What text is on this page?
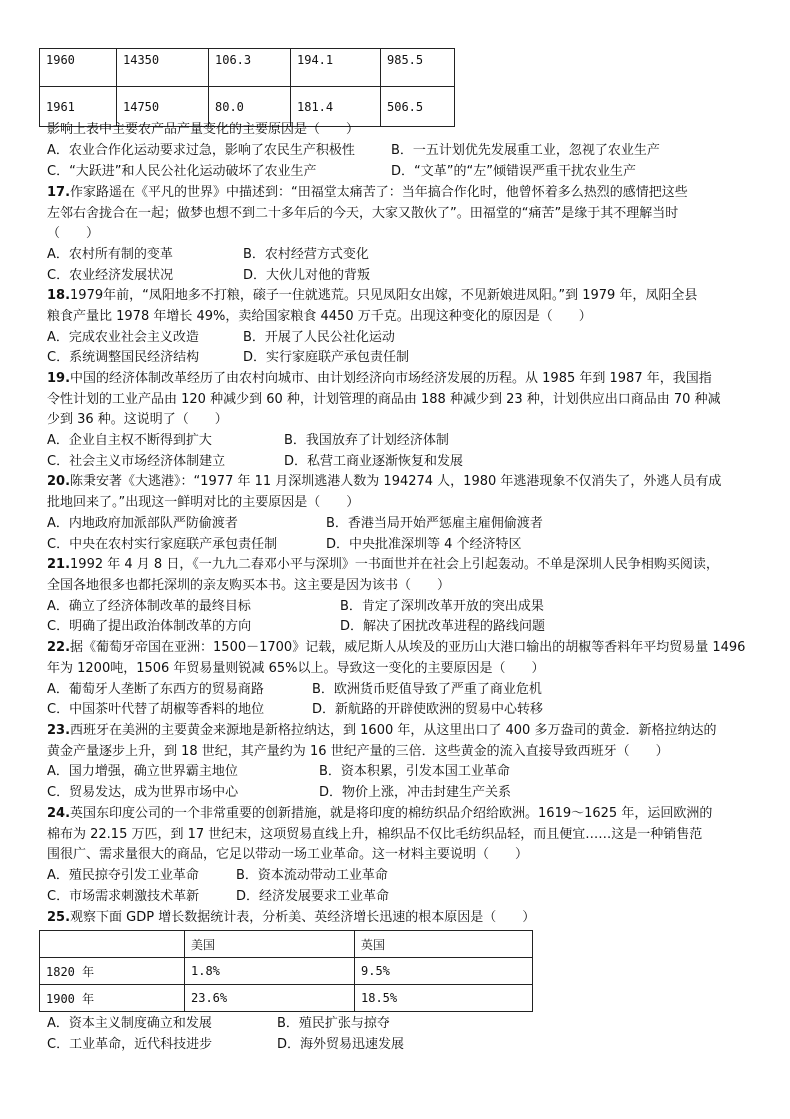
1960	14350	106.3	194.1	985.5
1961	14750	80.0	181.4	506.5
影响上表中主要农产品产量变化的主要原因是（　　）
A．农业合作化运动要求过急，影响了农民生产积极性	B．一五计划优先发展重工业，忽视了农业生产
C．“大跃进”和人民公社化运动破坏了农业生产	D．“文革”的“左”倾错误严重干扰农业生产
17.作家路遥在《平凡的世界》中描述到：“田福堂太痛苦了：当年搞合作化时，他曾怀着多么热烈的感情把这些
左邻右舍拢合在一起；做梦也想不到二十多年后的今天，大家又散伙了”。田福堂的“痛苦”是缘于其不理解当时
（　　）
A．农村所有制的变革	B．农村经营方式变化
C．农业经济发展状况	D．大伙儿对他的背叛
18.1979年前，“凤阳地多不打粮，磙子一住就逃荒。只见凤阳女出嫁，不见新娘进凤阳。”到 1979 年，凤阳全县
粮食产量比 1978 年增长 49%，卖给国家粮食 4450 万千克。出现这种变化的原因是（　　）
A．完成农业社会主义改造	B．开展了人民公社化运动
C．系统调整国民经济结构	D．实行家庭联产承包责任制
19.中国的经济体制改革经历了由农村向城市、由计划经济向市场经济发展的历程。从 1985 年到 1987 年，我国指
令性计划的工业产品由 120 种减少到 60 种，计划管理的商品由 188 种减少到 23 种，计划供应出口商品由 70 种减
少到 36 种。这说明了（　　）
A．企业自主权不断得到扩大	B．我国放弃了计划经济体制
C．社会主义市场经济体制建立	D．私营工商业逐渐恢复和发展
20.陈秉安著《大逃港》：“1977 年 11 月深圳逃港人数为 194274 人，1980 年逃港现象不仅消失了，外逃人员有成
批地回来了。”出现这一鲜明对比的主要原因是（　　）
A．内地政府加派部队严防偷渡者	B．香港当局开始严惩雇主雇佣偷渡者
C．中央在农村实行家庭联产承包责任制	D．中央批准深圳等 4 个经济特区
21.1992 年 4 月 8 日，《一九九二春邓小平与深圳》一书面世并在社会上引起轰动。不单是深圳人民争相购买阅读，
全国各地很多也都托深圳的亲友购买本书。这主要是因为该书（　　）
A．确立了经济体制改革的最终目标	B．肯定了深圳改革开放的突出成果
C．明确了提出政治体制改革的方向	D．解决了困扰改革进程的路线问题
22.据《葡萄牙帝国在亚洲：1500－1700》记载，威尼斯人从埃及的亚历山大港口输出的胡椒等香料年平均贸易量 1496
年为 1200吨，1506 年贸易量则锐减 65%以上。导致这一变化的主要原因是（　　）
A．葡萄牙人垄断了东西方的贸易商路	B．欧洲货币贬值导致了严重了商业危机
C．中国茶叶代替了胡椒等香料的地位	D．新航路的开辟使欧洲的贸易中心转移
23.西班牙在美洲的主要黄金来源地是新格拉纳达，到 1600 年，从这里出口了 400 多万盎司的黄金．新格拉纳达的
黄金产量逐步上升，到 18 世纪，其产量约为 16 世纪产量的三倍．这些黄金的流入直接导致西班牙（　　）
A．国力增强，确立世界霸主地位	B．资本积累，引发本国工业革命
C．贸易发达，成为世界市场中心	D．物价上涨，冲击封建生产关系
24.英国东印度公司的一个非常重要的创新措施，就是将印度的棉纺织品介绍给欧洲。1619～1625 年，运回欧洲的
棉布为 22.15 万匹，到 17 世纪末，这项贸易直线上升，棉织品不仅比毛纺织品轻，而且便宜……这是一种销售范
围很广、需求量很大的商品，它足以带动一场工业革命。这一材料主要说明（　　）
A．殖民掠夺引发工业革命	B．资本流动带动工业革命
C．市场需求刺激技术革新	D．经济发展要求工业革命
25.观察下面 GDP 增长数据统计表，分析美、英经济增长迅速的根本原因是（　　）
	美国	英国
1820 年	1.8%	9.5%
1900 年	23.6%	18.5%
A．资本主义制度确立和发展	B．殖民扩张与掠夺
C．工业革命，近代科技进步	D．海外贸易迅速发展
